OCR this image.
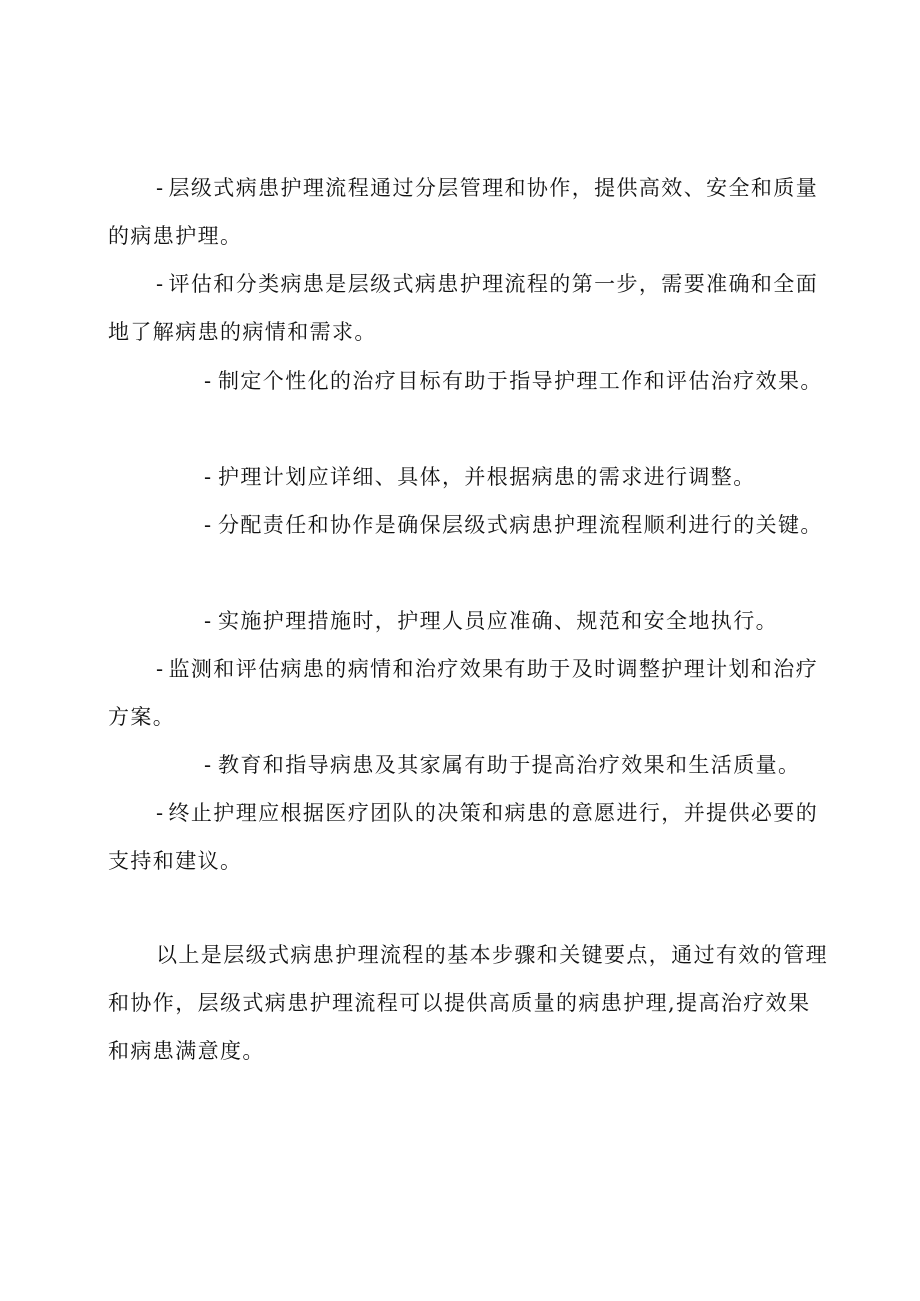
- 层级式病患护理流程通过分层管理和协作，提供高效、安全和质量的病患护理。

- 评估和分类病患是层级式病患护理流程的第一步，需要准确和全面地了解病患的病情和需求。

- 制定个性化的治疗目标有助于指导护理工作和评估治疗效果。

- 护理计划应详细、具体，并根据病患的需求进行调整。

- 分配责任和协作是确保层级式病患护理流程顺利进行的关键。

- 实施护理措施时，护理人员应准确、规范和安全地执行。

- 监测和评估病患的病情和治疗效果有助于及时调整护理计划和治疗方案。

- 教育和指导病患及其家属有助于提高治疗效果和生活质量。

- 终止护理应根据医疗团队的决策和病患的意愿进行，并提供必要的支持和建议。

以上是层级式病患护理流程的基本步骤和关键要点，通过有效的管理和协作，层级式病患护理流程可以提供高质量的病患护理,提高治疗效果和病患满意度。
